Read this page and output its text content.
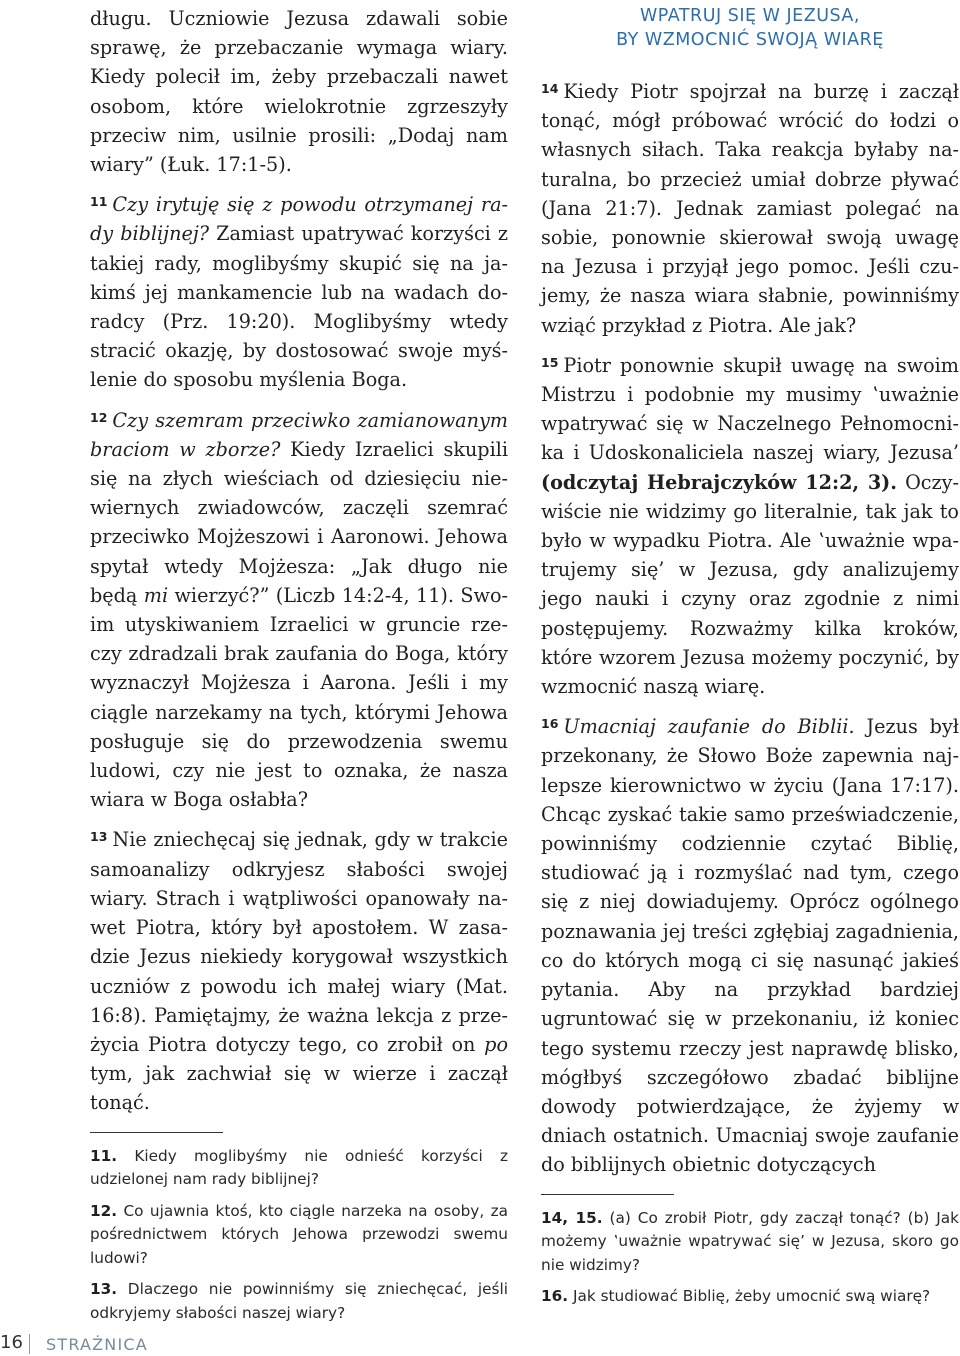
długu. Uczniowie Jezusa zdawali sobie sprawę, że przebaczanie wymaga wiary. Kiedy polecił im, żeby przebaczali nawet osobom, które wielokrotnie zgrzeszyły przeciw nim, usilnie prosili: „Dodaj nam wiary” (Łuk. 17:1-5).

$^{11}$ Czy irytuję się z powodu otrzymanej rady biblijnej? Zamiast upatrywać korzyści z takiej rady, moglibyśmy skupić się na jakimś jej mankamencie lub na wadach doradcy (Prz. 19:20). Moglibyśmy wtedy stracić okazję, by dostosować swoje myślenie do sposobu myślenia Boga.

$^{12}$ Czy szemram przeciwko zamianowanym braciom w zborze? Kiedy Izraelici skupili się na złych wieściach od dziesięciu niewiernych zwiadowców, zaczęli szemrać przeciwko Mojżeszowi i Aaronowi. Jehowa spytał wtedy Mojżesza: „Jak długo nie będą mi wierzyć?” (Liczb 14:2-4, 11). Swoim utyskiwaniem Izraelici w gruncie rzeczy zdradzali brak zaufania do Boga, który wyznaczył Mojżesza i Aarona. Jeśli i my ciągle narzekamy na tych, którymi Jehowa posługuje się do przewodzenia swemu ludowi, czy nie jest to oznaka, że nasza wiara w Boga osłabła?

$^{13}$ Nie zniechęcaj się jednak, gdy w trakcie samoanalizy odkryjesz słabości swojej wiary. Strach i wątpliwości opanowały nawet Piotra, który był apostołem. W zasadzie Jezus niekiedy korygował wszystkich uczniów z powodu ich małej wiary (Mat. 16:8). Pamiętajmy, że ważna lekcja z przeżycia Piotra dotyczy tego, co zrobił on po tym, jak zachwiał się w wierze i zaczął tonąć.

11. Kiedy moglibyśmy nie odnieść korzyści z udzielonej nam rady biblijnej?

12. Co ujawnia ktoś, kto ciągle narzeka na osoby, za pośrednictwem których Jehowa przewodzi swemu ludowi?

13. Dlaczego nie powinniśmy się zniechęcać, jeśli odkryjemy słabości naszej wiary?

WPATRUJ SIĘ W JEZUSA,
BY WZMOCNIĆ SWOJĄ WIARĘ

$^{14}$ Kiedy Piotr spojrzał na burzę i zaczął tonąć, mógł próbować wrócić do łodzi o własnych siłach. Taka reakcja byłaby naturalna, bo przecież umiał dobrze pływać (Jana 21:7). Jednak zamiast polegać na sobie, ponownie skierował swoją uwagę na Jezusa i przyjął jego pomoc. Jeśli czujemy, że nasza wiara słabnie, powinniśmy wziąć przykład z Piotra. Ale jak?

$^{15}$ Piotr ponownie skupił uwagę na swoim Mistrzu i podobnie my musimy ‛uważnie wpatrywać się w Naczelnego Pełnomocnika i Udoskonaliciela naszej wiary, Jezusa’ (odczytaj Hebrajczyków 12:2, 3). Oczywiście nie widzimy go literalnie, tak jak to było w wypadku Piotra. Ale ‛uważnie wpatrujemy się’ w Jezusa, gdy analizujemy jego nauki i czyny oraz zgodnie z nimi postępujemy. Rozważmy kilka kroków, które wzorem Jezusa możemy poczynić, by wzmocnić naszą wiarę.

$^{16}$ Umacniaj zaufanie do Biblii. Jezus był przekonany, że Słowo Boże zapewnia najlepsze kierownictwo w życiu (Jana 17:17). Chcąc zyskać takie samo przeświadczenie, powinniśmy codziennie czytać Biblię, studiować ją i rozmyślać nad tym, czego się z niej dowiadujemy. Oprócz ogólnego poznawania jej treści zgłębiaj zagadnienia, co do których mogą ci się nasunąć jakieś pytania. Aby na przykład bardziej ugruntować się w przekonaniu, iż koniec tego systemu rzeczy jest naprawdę blisko, mógłbyś szczegółowo zbadać biblijne dowody potwierdzające, że żyjemy w dniach ostatnich. Umacniaj swoje zaufanie do biblijnych obietnic dotyczących

14, 15. (a) Co zrobił Piotr, gdy zaczął tonąć? (b) Jak możemy ‛uważnie wpatrywać się’ w Jezusa, skoro go nie widzimy?

16. Jak studiować Biblię, żeby umocnić swą wiarę?

16 STRAŻNICA
